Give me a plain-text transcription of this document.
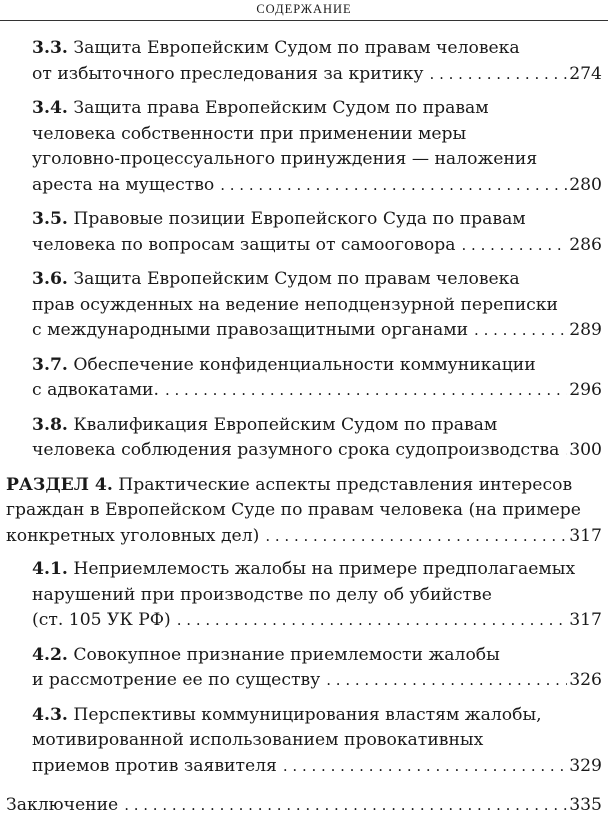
СОДЕРЖАНИЕ
3.3. Защита Европейским Судом по правам человека
от избыточного преследования за критику . . .	274
3.4. Защита права Европейским Судом по правам
человека собственности при применении меры
уголовно-процессуального принуждения — наложения
ареста на мущество . . .	280
3.5. Правовые позиции Европейского Суда по правам
человека по вопросам защиты от самооговора . . .	286
3.6. Защита Европейским Судом по правам человека
прав осужденных на ведение неподцензурной переписки
с международными правозащитными органами . . .	289
3.7. Обеспечение конфиденциальности коммуникации
с адвокатами. . . .	296
3.8. Квалификация Европейским Судом по правам
человека соблюдения разумного срока судопроизводства . . . 300
РАЗДЕЛ 4. Практические аспекты представления интересов
граждан в Европейском Суде по правам человека (на примере
конкретных уголовных дел) . . .	317
4.1. Неприемлемость жалобы на примере предполагаемых
нарушений при производстве по делу об убийстве
(ст. 105 УК РФ) . . .	317
4.2. Совокупное признание приемлемости жалобы
и рассмотрение ее по существу . . .	326
4.3. Перспективы коммуницирования властям жалобы,
мотивированной использованием провокативных
приемов против заявителя . . .	329
Заключение . . .	335
